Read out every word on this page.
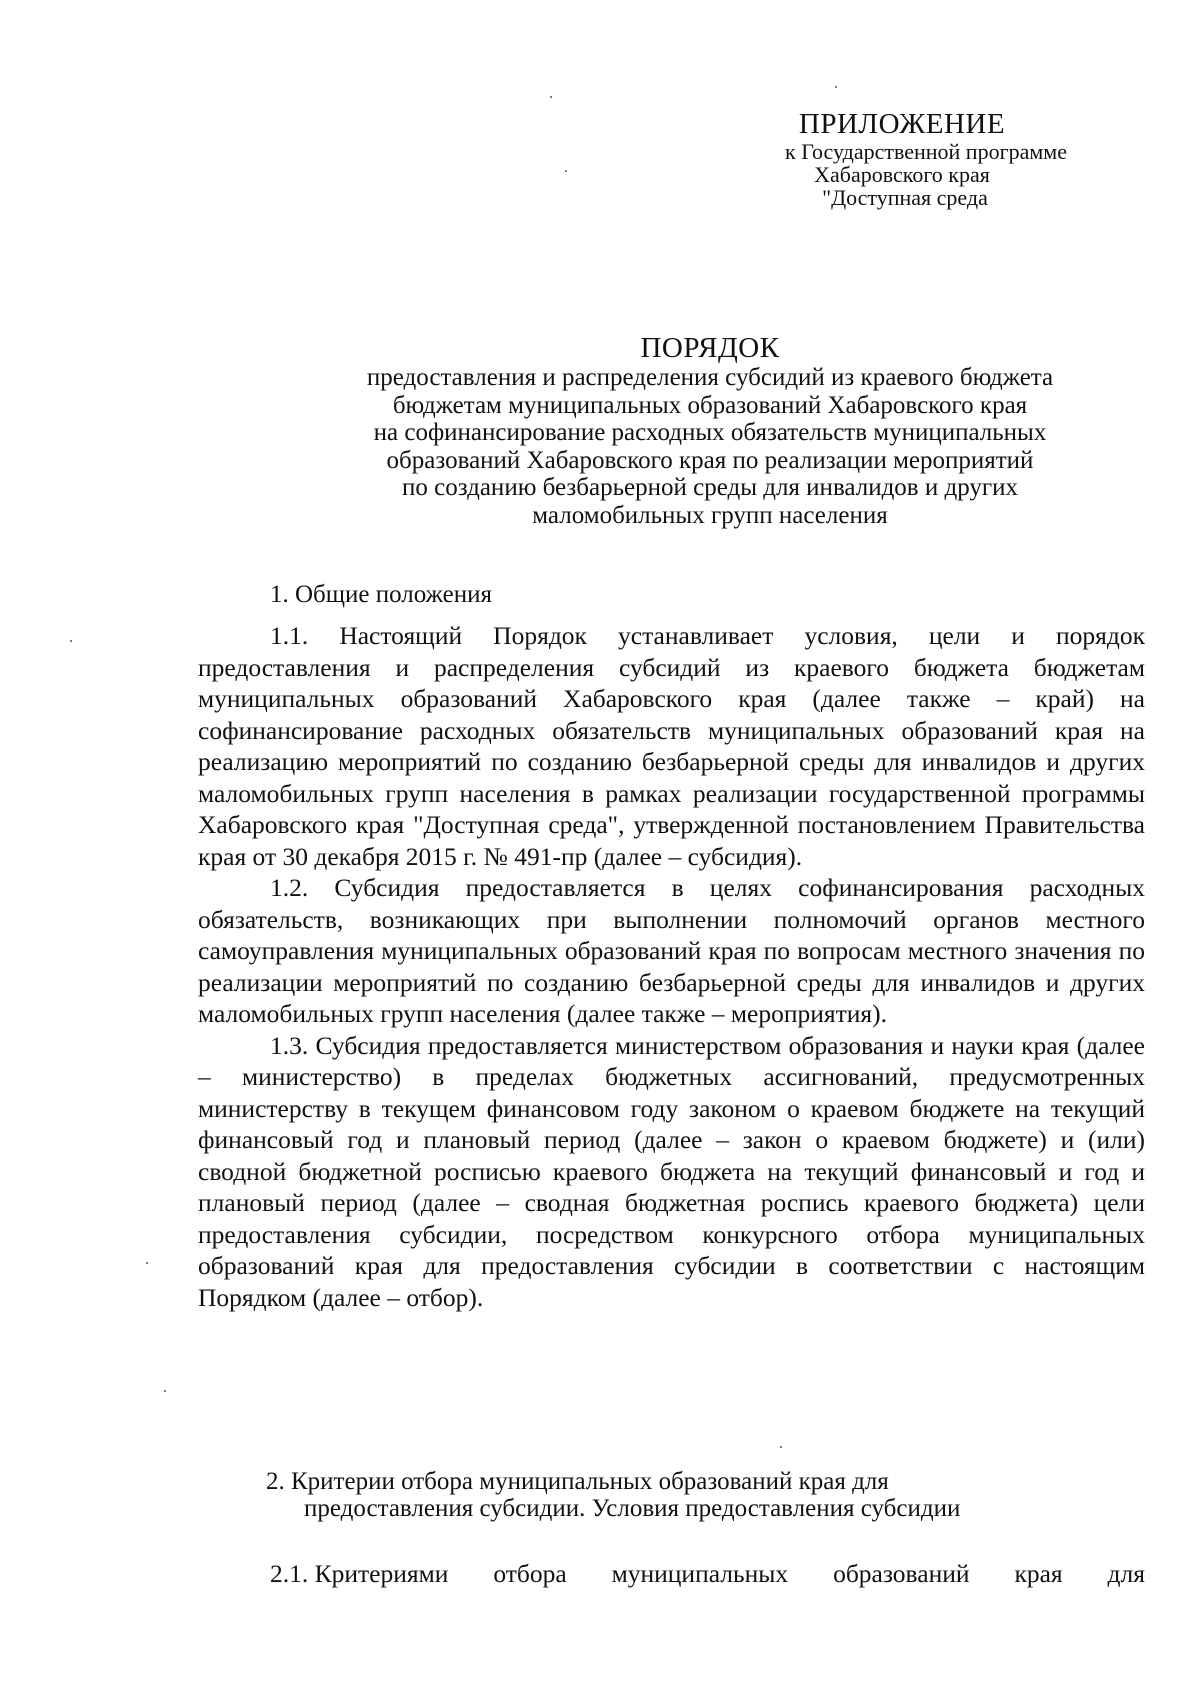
ПРИЛОЖЕНИЕ
к Государственной программе
Хабаровского края
"Доступная среда
ПОРЯДОК
предоставления и распределения субсидий из краевого бюджета
бюджетам муниципальных образований Хабаровского края
на софинансирование расходных обязательств муниципальных
образований Хабаровского края по реализации мероприятий
по созданию безбарьерной среды для инвалидов и других
маломобильных групп населения
1. Общие положения

1.1. Настоящий Порядок устанавливает условия, цели и порядок предоставления и распределения субсидий из краевого бюджета бюджетам муниципальных образований Хабаровского края (далее также – край) на софинансирование расходных обязательств муниципальных образований края на реализацию мероприятий по созданию безбарьерной среды для инвалидов и других маломобильных групп населения в рамках реализации государственной программы Хабаровского края "Доступная среда", утвержденной постановлением Правительства края от 30 декабря 2015 г. № 491-пр (далее – субсидия).

1.2. Субсидия предоставляется в целях софинансирования расходных обязательств, возникающих при выполнении полномочий органов местного самоуправления муниципальных образований края по вопросам местного значения по реализации мероприятий по созданию безбарьерной среды для инвалидов и других маломобильных групп населения (далее также – мероприятия).

1.3. Субсидия предоставляется министерством образования и науки края (далее – министерство) в пределах бюджетных ассигнований, предусмотренных министерству в текущем финансовом году законом о краевом бюджете на текущий финансовый год и плановый период (далее – закон о краевом бюджете) и (или) сводной бюджетной росписью краевого бюджета на текущий финансовый и год и плановый период (далее – сводная бюджетная роспись краевого бюджета) цели предоставления субсидии, посредством конкурсного отбора муниципальных образований края для предоставления субсидии в соответствии с настоящим Порядком (далее – отбор).

2. Критерии отбора муниципальных образований края для
предоставления субсидии. Условия предоставления субсидии
2.1. Критериями отбора муниципальных образований края для
